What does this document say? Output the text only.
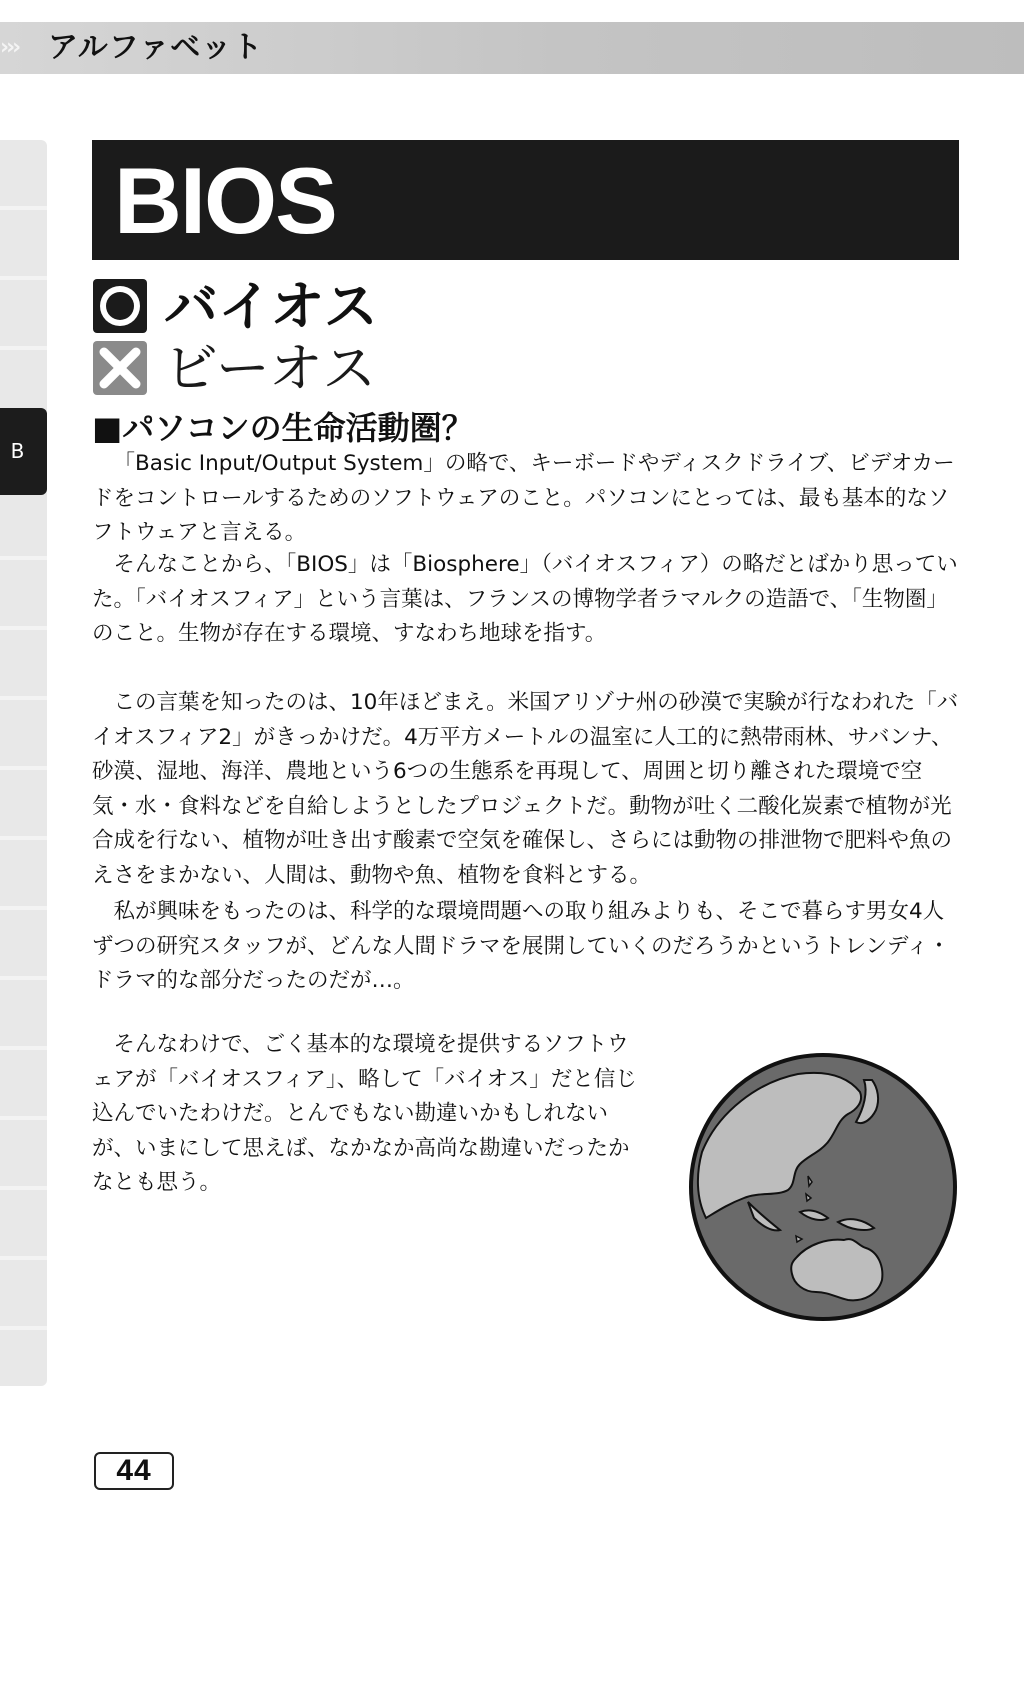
››› アルファベット
B
BIOS
バイオス
ビーオス
■パソコンの生命活動圏？

「Basic Input/Output System」の略で、キーボードやディスクドライブ、ビデオカードをコントロールするためのソフトウェアのこと。パソコンにとっては、最も基本的なソフトウェアと言える。

そんなことから、「BIOS」は「Biosphere」（バイオスフィア）の略だとばかり思っていた。「バイオスフィア」という言葉は、フランスの博物学者ラマルクの造語で、「生物圏」のこと。生物が存在する環境、すなわち地球を指す。

この言葉を知ったのは、10年ほどまえ。米国アリゾナ州の砂漠で実験が行なわれた「バイオスフィア2」がきっかけだ。4万平方メートルの温室に人工的に熱帯雨林、サバンナ、砂漠、湿地、海洋、農地という6つの生態系を再現して、周囲と切り離された環境で空気・水・食料などを自給しようとしたプロジェクトだ。動物が吐く二酸化炭素で植物が光合成を行ない、植物が吐き出す酸素で空気を確保し、さらには動物の排泄物で肥料や魚のえさをまかない、人間は、動物や魚、植物を食料とする。

私が興味をもったのは、科学的な環境問題への取り組みよりも、そこで暮らす男女4人ずつの研究スタッフが、どんな人間ドラマを展開していくのだろうかというトレンディ・ドラマ的な部分だったのだが…。

そんなわけで、ごく基本的な環境を提供するソフトウェアが「バイオスフィア」、略して「バイオス」だと信じ込んでいたわけだ。とんでもない勘違いかもしれないが、いまにして思えば、なかなか高尚な勘違いだったかなとも思う。

44
